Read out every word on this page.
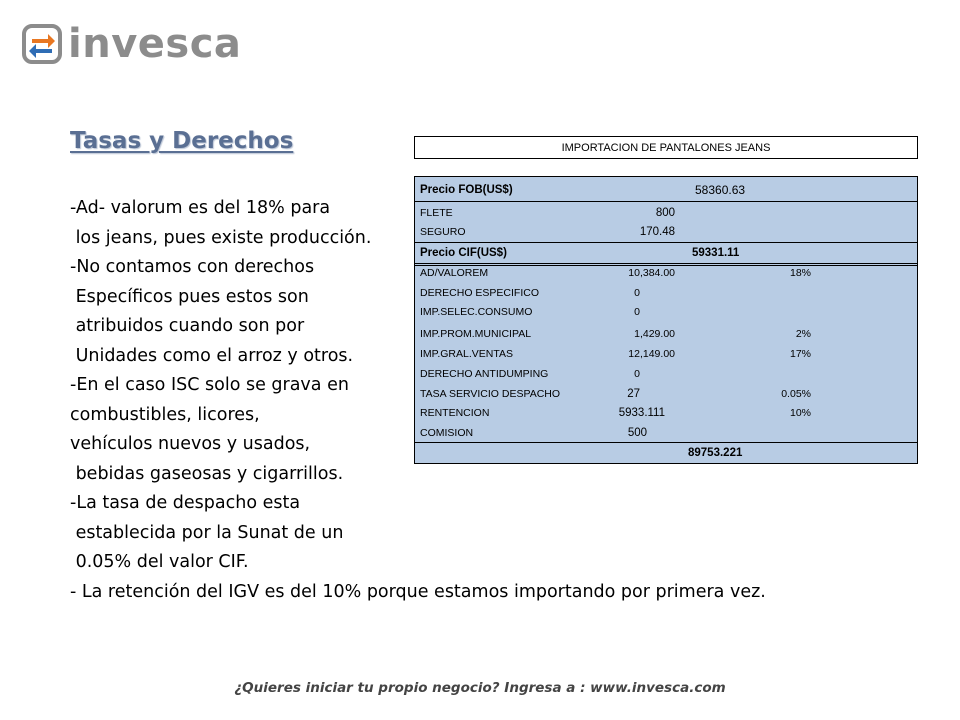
invesca
Tasas y Derechos
-Ad- valorum es del 18% para
los jeans, pues existe producción.
-No contamos con derechos
Específicos pues estos son
atribuidos cuando son por
Unidades como el arroz y otros.
-En el caso ISC solo se grava en
combustibles, licores,
vehículos nuevos y usados,
bebidas gaseosas y cigarrillos.
-La tasa de despacho esta
establecida por la Sunat de un
0.05% del valor CIF.
- La retención del IGV es del 10% porque estamos importando por primera vez.
IMPORTACION DE PANTALONES JEANS
Precio FOB(US$)	58360.63
FLETE	800
SEGURO	170.48
Precio CIF(US$)	59331.11
AD/VALOREM	10,384.00	18%
DERECHO ESPECIFICO	0
IMP.SELEC.CONSUMO	0
IMP.PROM.MUNICIPAL	1,429.00	2%
IMP.GRAL.VENTAS	12,149.00	17%
DERECHO ANTIDUMPING	0
TASA SERVICIO DESPACHO	27	0.05%
RENTENCION	5933.111	10%
COMISION	500
89753.221
¿Quieres iniciar tu propio negocio? Ingresa a : www.invesca.com
